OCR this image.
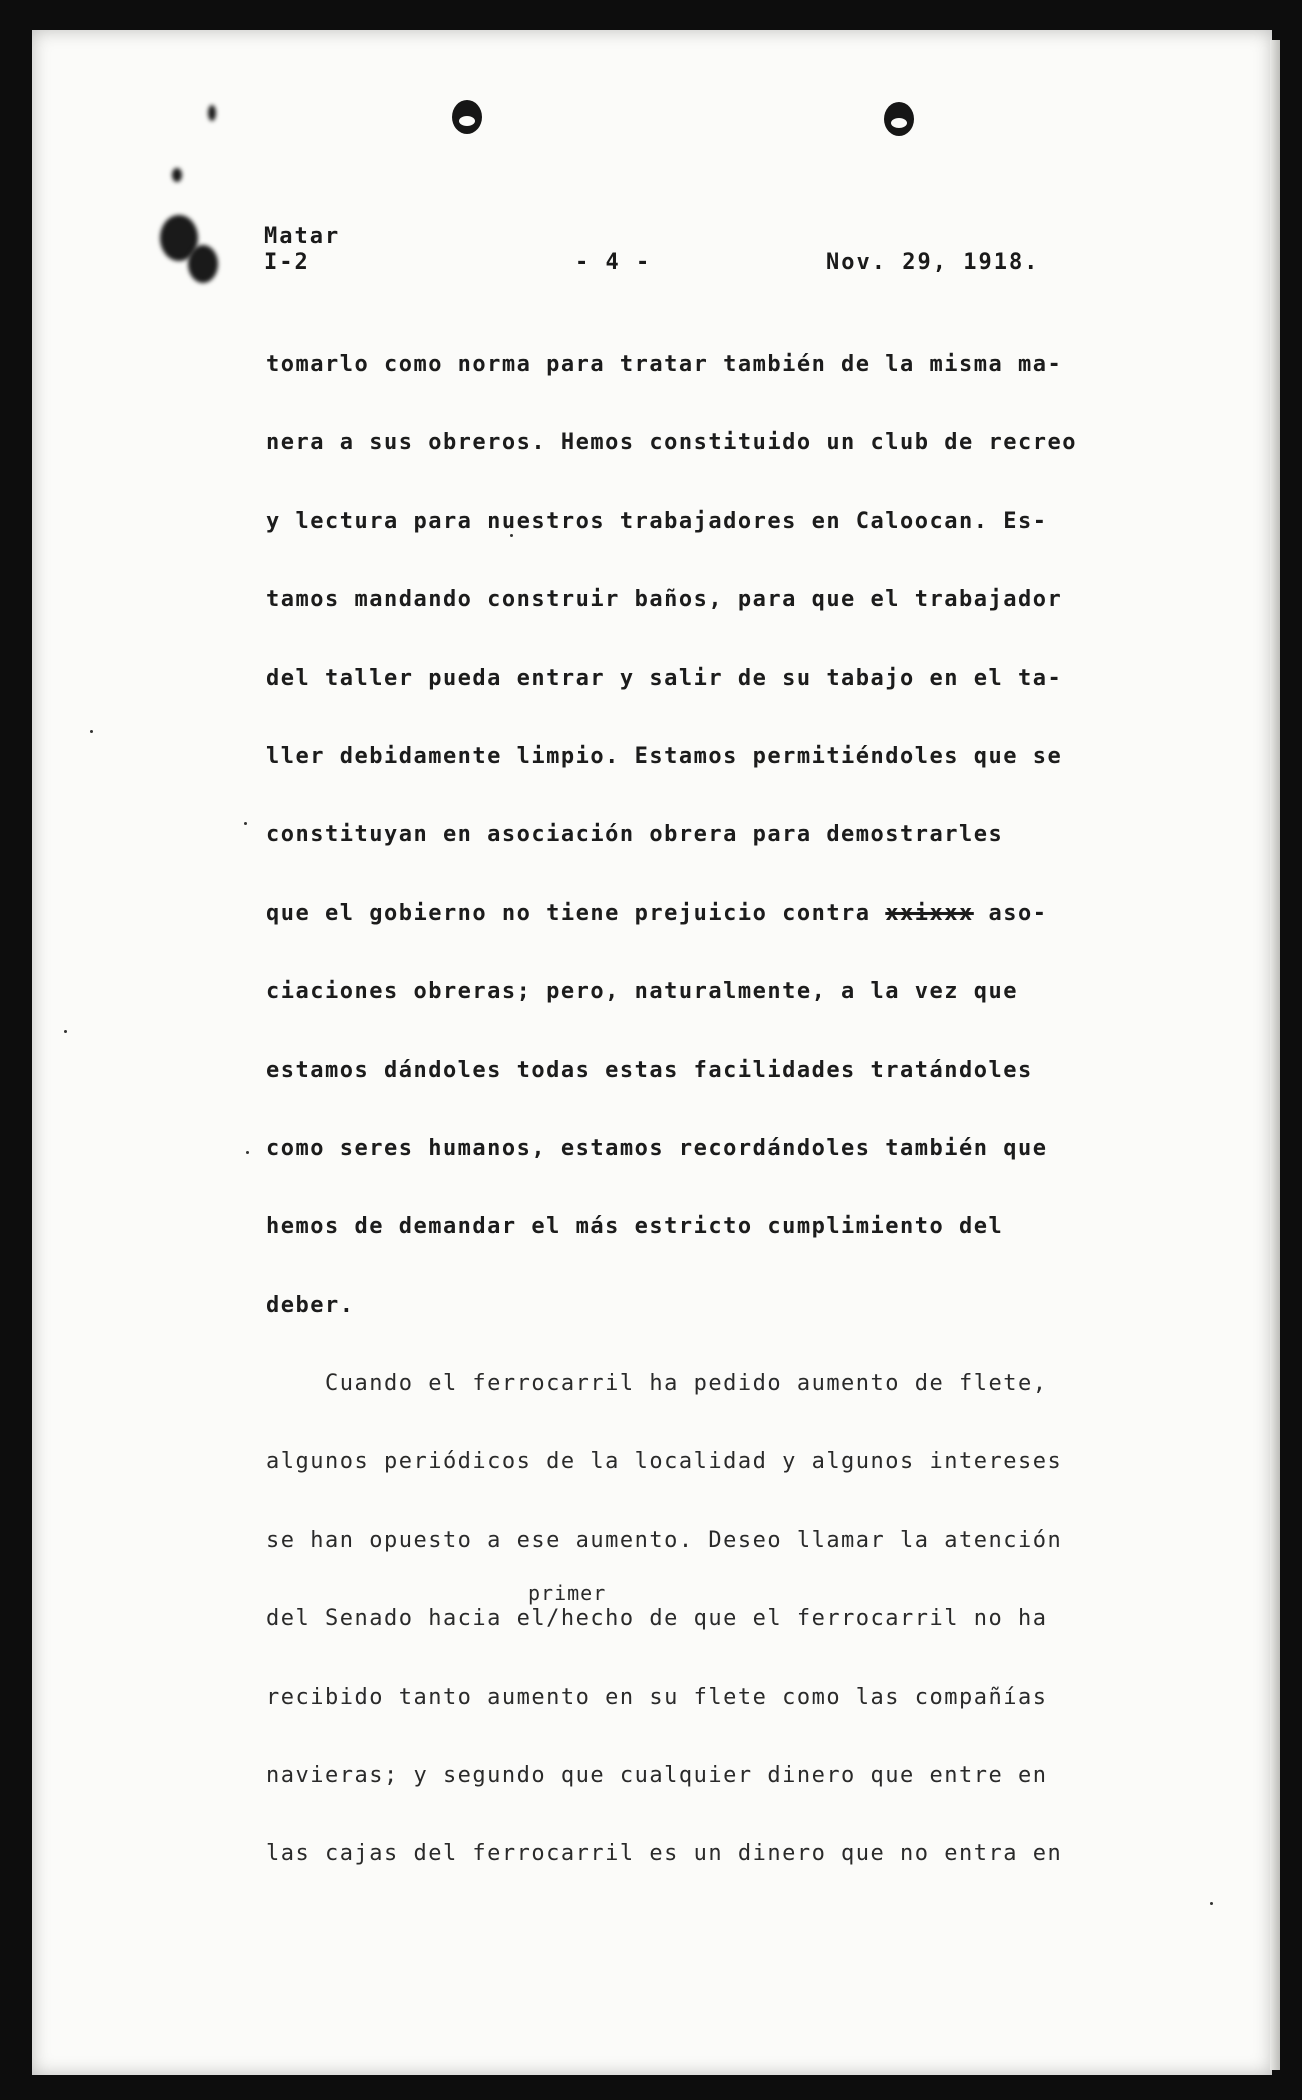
Matar
I-2	- 4 -	Nov. 29, 1918.
tomarlo como norma para tratar también de la misma ma-
nera a sus obreros. Hemos constituido un club de recreo
y lectura para nuestros trabajadores en Caloocan. Es-
tamos mandando construir baños, para que el trabajador
del taller pueda entrar y salir de su tabajo en el ta-
ller debidamente limpio. Estamos permitiéndoles que se
constituyan en asociación obrera para demostrarles
que el gobierno no tiene prejuicio contra xxixxx aso-
ciaciones obreras; pero, naturalmente, a la vez que
estamos dándoles todas estas facilidades tratándoles
como seres humanos, estamos recordándoles también que
hemos de demandar el más estricto cumplimiento del
deber.
Cuando el ferrocarril ha pedido aumento de flete,
algunos periódicos de la localidad y algunos intereses
se han opuesto a ese aumento. Deseo llamar la atención
del Senado hacia el/
primer
hecho de que el ferrocarril no ha
recibido tanto aumento en su flete como las compañías
navieras; y segundo que cualquier dinero que entre en
las cajas del ferrocarril es un dinero que no entra en
